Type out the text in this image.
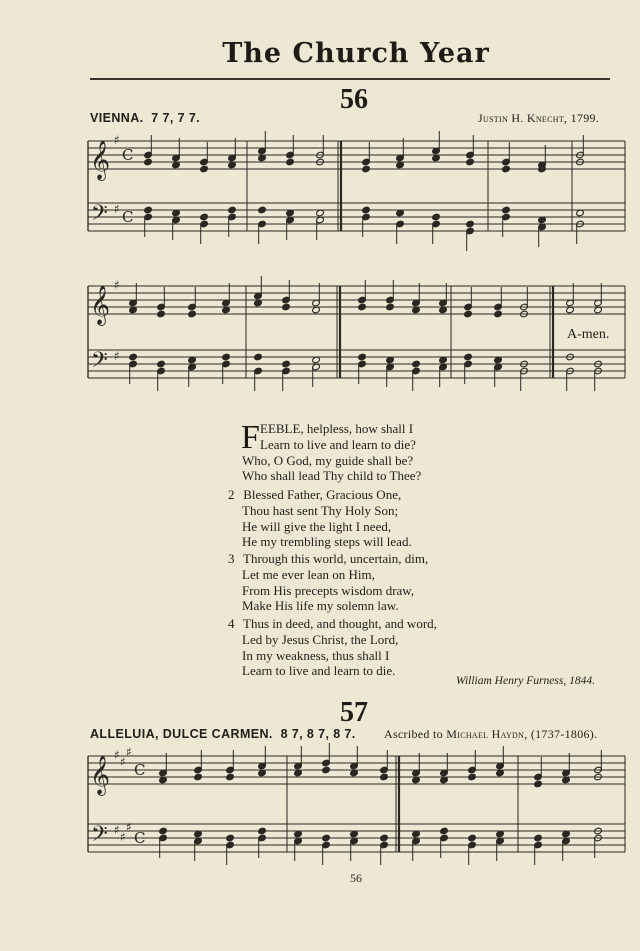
The Church Year
56
VIENNA. 7 7, 7 7.	Justin H. Knecht, 1799.
𝄞
𝄢
♯
♯
C
C
𝄞
𝄢
♯
♯
A-men.
F EEBLE, helpless, how shall I
Learn to live and learn to die?
Who, O God, my guide shall be?
Who shall lead Thy child to Thee?
2 Blessed Father, Gracious One,
Thou hast sent Thy Holy Son;
He will give the light I need,
He my trembling steps will lead.
3 Through this world, uncertain, dim,
Let me ever lean on Him,
From His precepts wisdom draw,
Make His life my solemn law.
4 Thus in deed, and thought, and word,
Led by Jesus Christ, the Lord,
In my weakness, thus shall I
Learn to live and learn to die.
William Henry Furness, 1844.
57
ALLELUIA, DULCE CARMEN. 8 7, 8 7, 8 7. Ascribed to Michael Haydn, (1737-1806).
𝄞
𝄢
♯ ♯
♯
♯ ♯
♯
C
C
56
